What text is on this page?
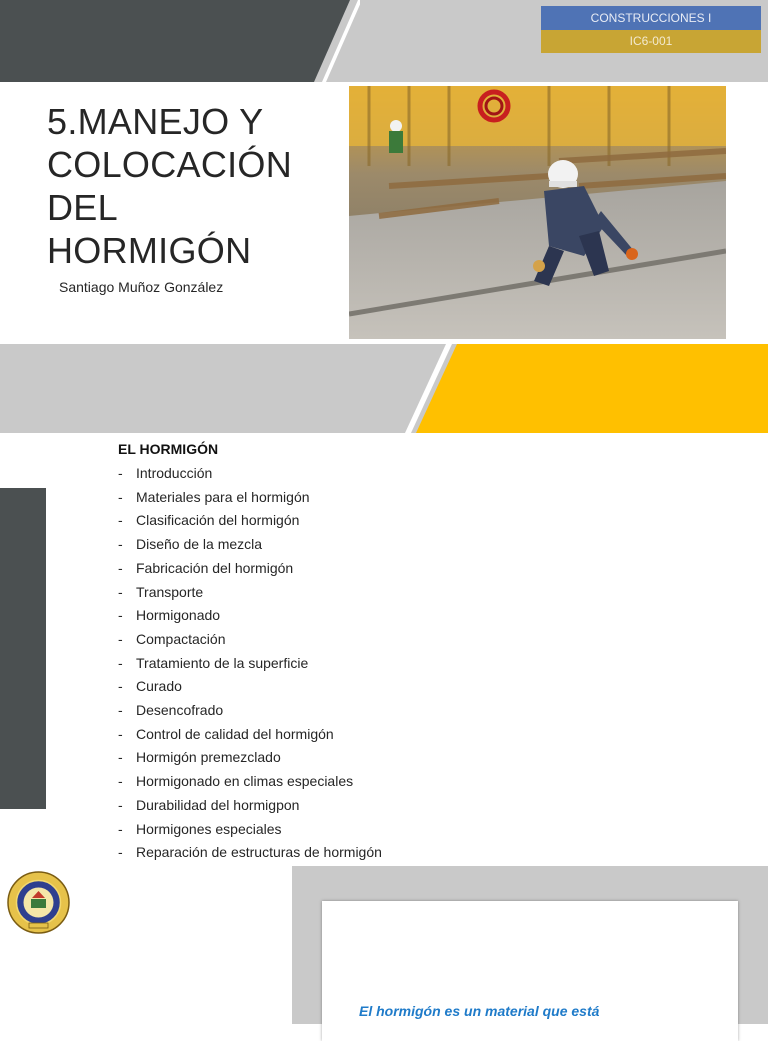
CONSTRUCCIONES I
IC6-001
5.MANEJO Y
COLOCACIÓN DEL
HORMIGÓN
Santiago Muñoz González
EL HORMIGÓN
- Introducción
- Materiales para el hormigón
- Clasificación del hormigón
- Diseño de la mezcla
- Fabricación del hormigón
- Transporte
- Hormigonado
- Compactación
- Tratamiento de la superficie
- Curado
- Desencofrado
- Control de calidad del hormigón
- Hormigón premezclado
- Hormigonado en climas especiales
- Durabilidad del hormigpon
- Hormigones especiales
- Reparación de estructuras de hormigón
El hormigón es un material que está
